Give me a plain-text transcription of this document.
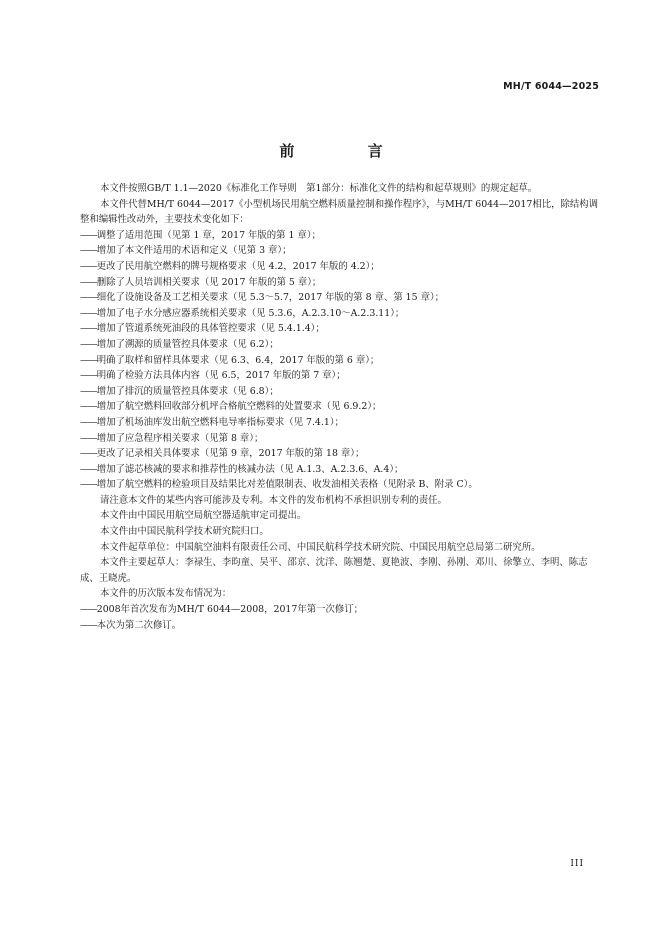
MH/T 6044—2025
前 言

本文件按照GB/T 1.1—2020《标准化工作导则　第1部分：标准化文件的结构和起草规则》的规定起草。

本文件代替MH/T 6044—2017《小型机场民用航空燃料质量控制和操作程序》，与MH/T 6044—2017相比，除结构调整和编辑性改动外，主要技术变化如下：

——调整了适用范围（见第 1 章，2017 年版的第 1 章）；

——增加了本文件适用的术语和定义（见第 3 章）；

——更改了民用航空燃料的牌号规格要求（见 4.2，2017 年版的 4.2）；

——删除了人员培训相关要求（见 2017 年版的第 5 章）；

——细化了设施设备及工艺相关要求（见 5.3～5.7，2017 年版的第 8 章、第 15 章）；

——增加了电子水分感应器系统相关要求（见 5.3.6，A.2.3.10～A.2.3.11）；

——增加了管道系统死油段的具体管控要求（见 5.4.1.4）；

——增加了溯源的质量管控具体要求（见 6.2）；

——明确了取样和留样具体要求（见 6.3、6.4，2017 年版的第 6 章）；

——明确了检验方法具体内容（见 6.5，2017 年版的第 7 章）；

——增加了排沉的质量管控具体要求（见 6.8）；

——增加了航空燃料回收部分机坪合格航空燃料的处置要求（见 6.9.2）；

——增加了机场油库发出航空燃料电导率指标要求（见 7.4.1）；

——增加了应急程序相关要求（见第 8 章）；

——更改了记录相关具体要求（见第 9 章，2017 年版的第 18 章）；

——增加了滤芯核减的要求和推荐性的核减办法（见 A.1.3、A.2.3.6、A.4）；

——增加了航空燃料的检验项目及结果比对差值限制表、收发油相关表格（见附录 B、附录 C）。

请注意本文件的某些内容可能涉及专利。本文件的发布机构不承担识别专利的责任。

本文件由中国民用航空局航空器适航审定司提出。

本文件由中国民航科学技术研究院归口。

本文件起草单位：中国航空油料有限责任公司、中国民航科学技术研究院、中国民用航空总局第二研究所。

本文件主要起草人：李禄生、李昀童、吴平、邵京、沈洋、陈翘楚、夏艳波、李刚、孙刚、邓川、徐擎立、李明、陈志成、王晓虎。

本文件的历次版本发布情况为：

——2008年首次发布为MH/T 6044—2008，2017年第一次修订；

——本次为第二次修订。

III
